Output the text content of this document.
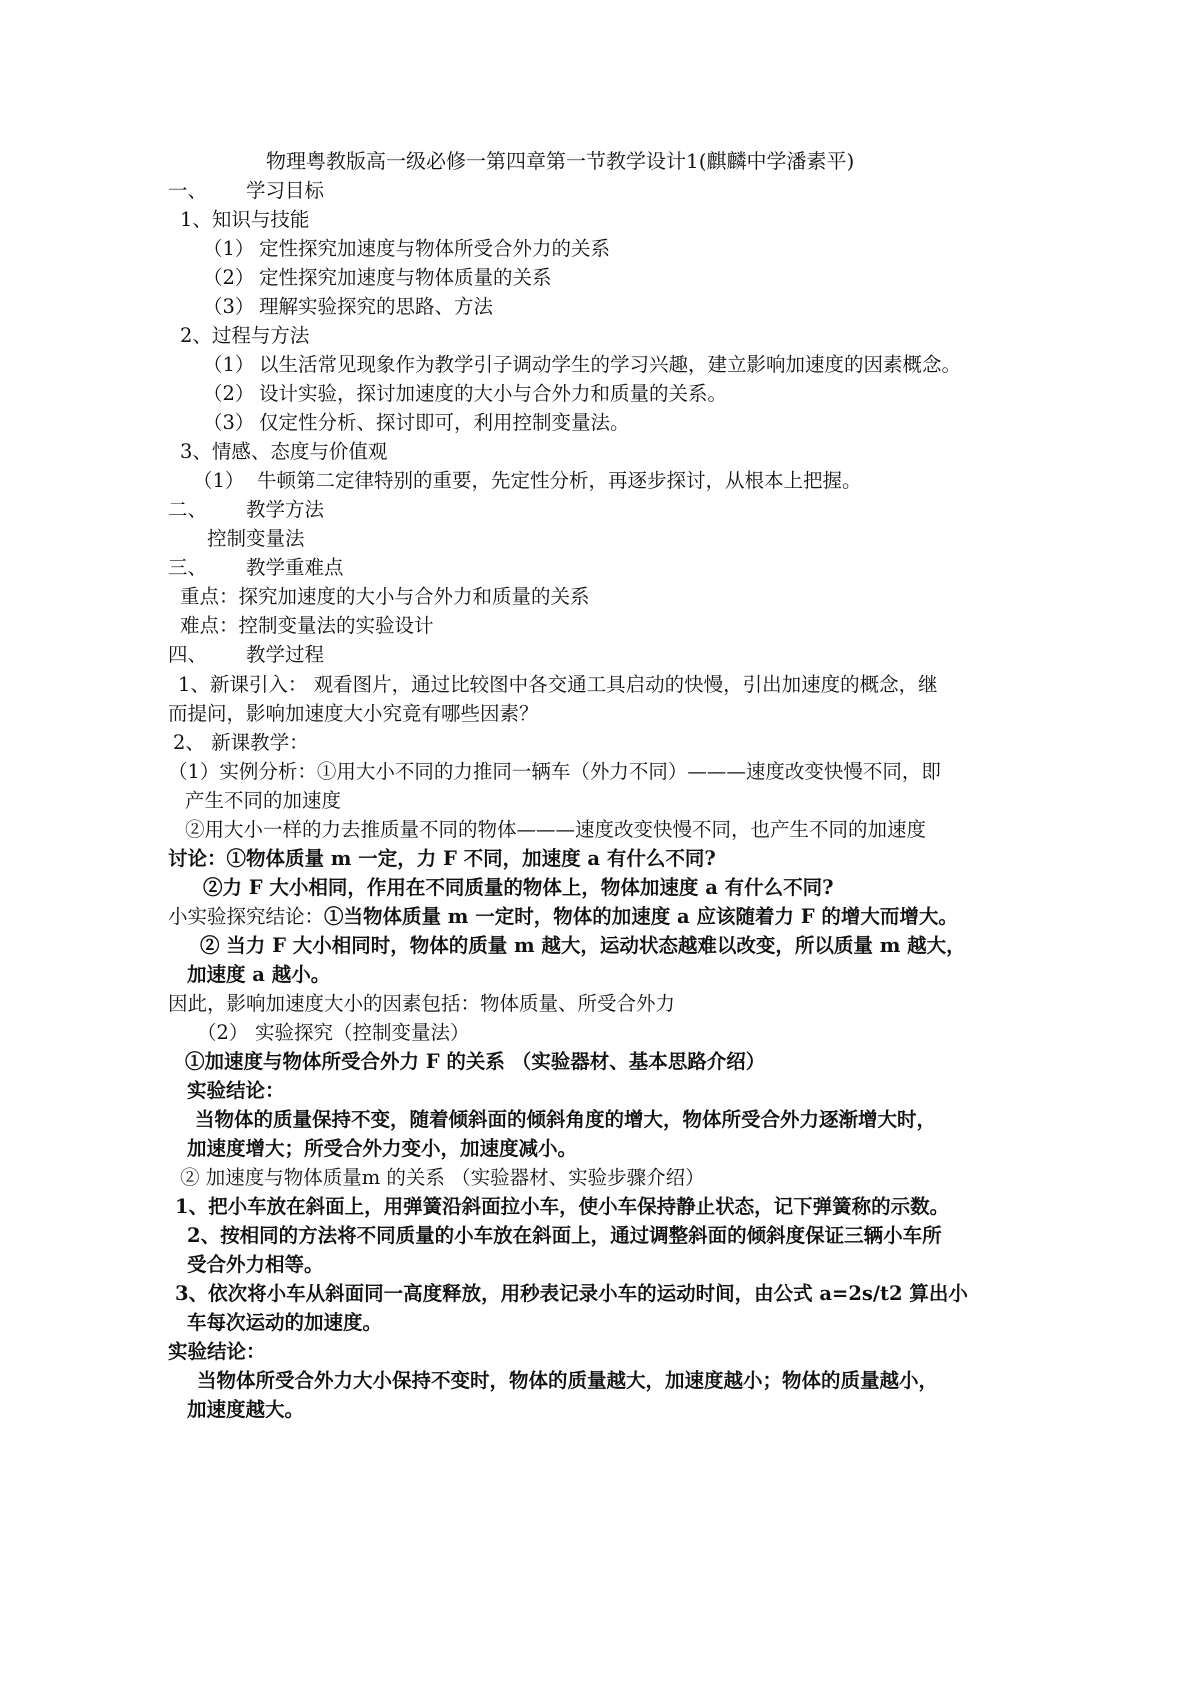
物理粤教版高一级必修一第四章第一节教学设计1(麒麟中学潘素平)
一、 学习目标
1、知识与技能
（1） 定性探究加速度与物体所受合外力的关系
（2） 定性探究加速度与物体质量的关系
（3） 理解实验探究的思路、方法
2、过程与方法
（1） 以生活常见现象作为教学引子调动学生的学习兴趣，建立影响加速度的因素概念。
（2） 设计实验，探讨加速度的大小与合外力和质量的关系。
（3） 仅定性分析、探讨即可，利用控制变量法。
3、情感、态度与价值观
（1） 牛顿第二定律特别的重要，先定性分析，再逐步探讨，从根本上把握。
二、 教学方法
控制变量法
三、 教学重难点
重点：探究加速度的大小与合外力和质量的关系
难点：控制变量法的实验设计
四、 教学过程
1、新课引入： 观看图片，通过比较图中各交通工具启动的快慢，引出加速度的概念，继
而提问，影响加速度大小究竟有哪些因素？
2、 新课教学：
（1）实例分析：①用大小不同的力推同一辆车（外力不同）———速度改变快慢不同，即
产生不同的加速度
②用大小一样的力去推质量不同的物体———速度改变快慢不同，也产生不同的加速度
讨论：①物体质量 m 一定，力 F 不同，加速度 a 有什么不同?
②力 F 大小相同，作用在不同质量的物体上，物体加速度 a 有什么不同?
小实验探究结论：①当物体质量 m 一定时，物体的加速度 a 应该随着力 F 的增大而增大。
② 当力 F 大小相同时，物体的质量 m 越大，运动状态越难以改变，所以质量 m 越大，
加速度 a 越小。
因此，影响加速度大小的因素包括：物体质量、所受合外力
（2） 实验探究（控制变量法）
①加速度与物体所受合外力 F 的关系 （实验器材、基本思路介绍）
实验结论：
当物体的质量保持不变，随着倾斜面的倾斜角度的增大，物体所受合外力逐渐增大时，
加速度增大；所受合外力变小，加速度减小。
② 加速度与物体质量m 的关系 （实验器材、实验步骤介绍）
1、把小车放在斜面上，用弹簧沿斜面拉小车，使小车保持静止状态，记下弹簧称的示数。
2、按相同的方法将不同质量的小车放在斜面上，通过调整斜面的倾斜度保证三辆小车所
受合外力相等。
3、依次将小车从斜面同一高度释放，用秒表记录小车的运动时间，由公式 a=2s/t2 算出小
车每次运动的加速度。
实验结论：
当物体所受合外力大小保持不变时，物体的质量越大，加速度越小；物体的质量越小，
加速度越大。
